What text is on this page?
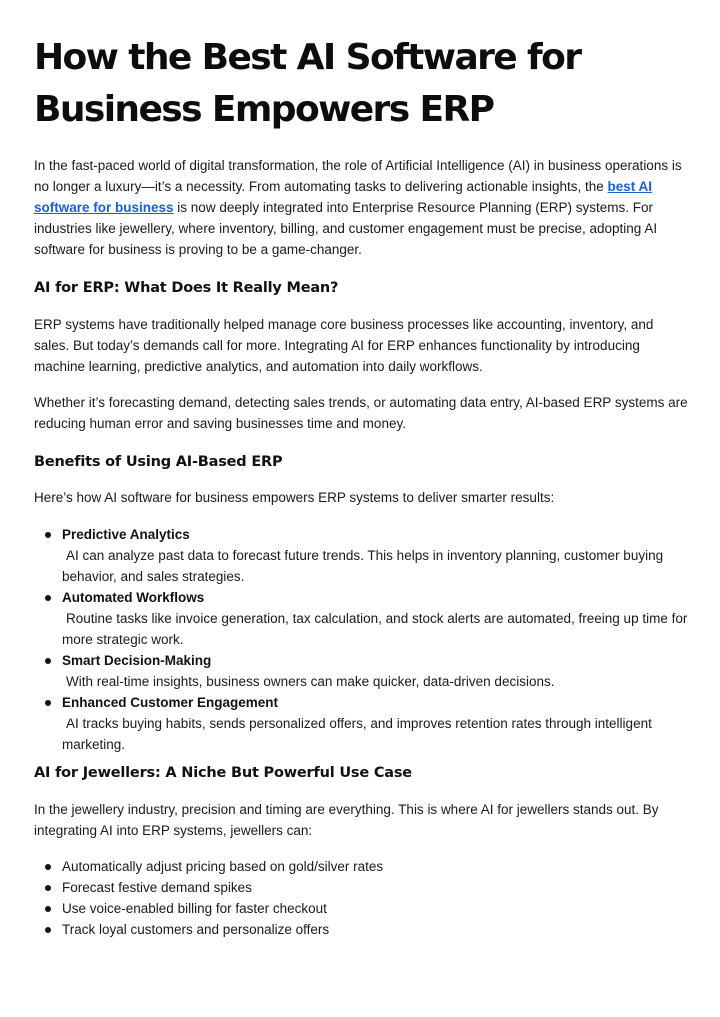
How the Best AI Software for Business Empowers ERP

In the fast-paced world of digital transformation, the role of Artificial Intelligence (AI) in business operations is no longer a luxury—it’s a necessity. From automating tasks to delivering actionable insights, the best AI software for business is now deeply integrated into Enterprise Resource Planning (ERP) systems. For industries like jewellery, where inventory, billing, and customer engagement must be precise, adopting AI software for business is proving to be a game-changer.

AI for ERP: What Does It Really Mean?

ERP systems have traditionally helped manage core business processes like accounting, inventory, and sales. But today’s demands call for more. Integrating AI for ERP enhances functionality by introducing machine learning, predictive analytics, and automation into daily workflows.

Whether it’s forecasting demand, detecting sales trends, or automating data entry, AI-based ERP systems are reducing human error and saving businesses time and money.

Benefits of Using AI-Based ERP

Here’s how AI software for business empowers ERP systems to deliver smarter results:

Predictive Analytics
AI can analyze past data to forecast future trends. This helps in inventory planning, customer buying behavior, and sales strategies.
Automated Workflows
Routine tasks like invoice generation, tax calculation, and stock alerts are automated, freeing up time for more strategic work.
Smart Decision-Making
With real-time insights, business owners can make quicker, data-driven decisions.
Enhanced Customer Engagement
AI tracks buying habits, sends personalized offers, and improves retention rates through intelligent marketing.
AI for Jewellers: A Niche But Powerful Use Case

In the jewellery industry, precision and timing are everything. This is where AI for jewellers stands out. By integrating AI into ERP systems, jewellers can:

Automatically adjust pricing based on gold/silver rates
Forecast festive demand spikes
Use voice-enabled billing for faster checkout
Track loyal customers and personalize offers
